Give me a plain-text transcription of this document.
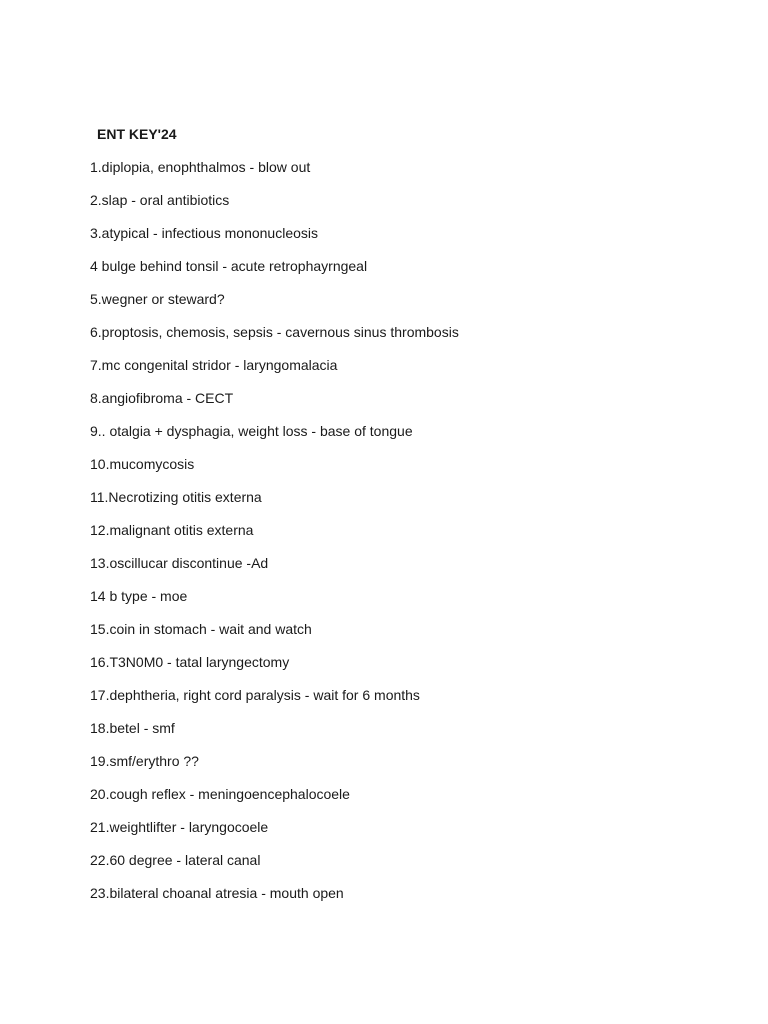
ENT KEY'24
1.diplopia, enophthalmos - blow out
2.slap - oral antibiotics
3.atypical - infectious mononucleosis
4 bulge behind tonsil - acute retrophayrngeal
5.wegner or steward?
6.proptosis, chemosis, sepsis - cavernous sinus thrombosis
7.mc congenital stridor - laryngomalacia
8.angiofibroma - CECT
9.. otalgia + dysphagia, weight loss - base of tongue
10.mucomycosis
11.Necrotizing otitis externa
12.malignant otitis externa
13.oscillucar discontinue -Ad
14 b type - moe
15.coin in stomach - wait and watch
16.T3N0M0 - tatal laryngectomy
17.dephtheria, right cord paralysis - wait for 6 months
18.betel - smf
19.smf/erythro ??
20.cough reflex - meningoencephalocoele
21.weightlifter - laryngocoele
22.60 degree - lateral canal
23.bilateral choanal atresia - mouth open
